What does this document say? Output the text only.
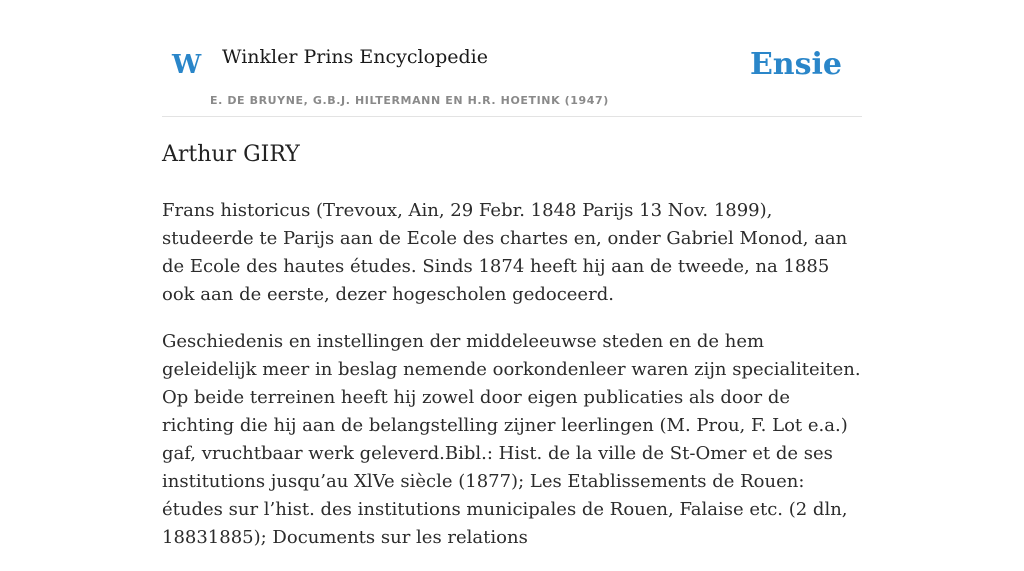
W Winkler Prins Encyclopedie
E. DE BRUYNE, G.B.J. HILTERMANN EN H.R. HOETINK (1947)
Ensie
Arthur GIRY

Frans historicus (Trevoux, Ain, 29 Febr. 1848 Parijs 13 Nov. 1899), studeerde te Parijs aan de Ecole des chartes en, onder Gabriel Monod, aan de Ecole des hautes études. Sinds 1874 heeft hij aan de tweede, na 1885 ook aan de eerste, dezer hogescholen gedoceerd.

Geschiedenis en instellingen der middeleeuwse steden en de hem geleidelijk meer in beslag nemende oorkondenleer waren zijn specialiteiten. Op beide terreinen heeft hij zowel door eigen publicaties als door de richting die hij aan de belangstelling zijner leerlingen (M. Prou, F. Lot e.a.) gaf, vruchtbaar werk geleverd.Bibl.: Hist. de la ville de St-Omer et de ses institutions jusqu’au XlVe siècle (1877); Les Etablissements de Rouen: études sur l’hist. des institutions municipales de Rouen, Falaise etc. (2 dln, 18831885); Documents sur les relations
